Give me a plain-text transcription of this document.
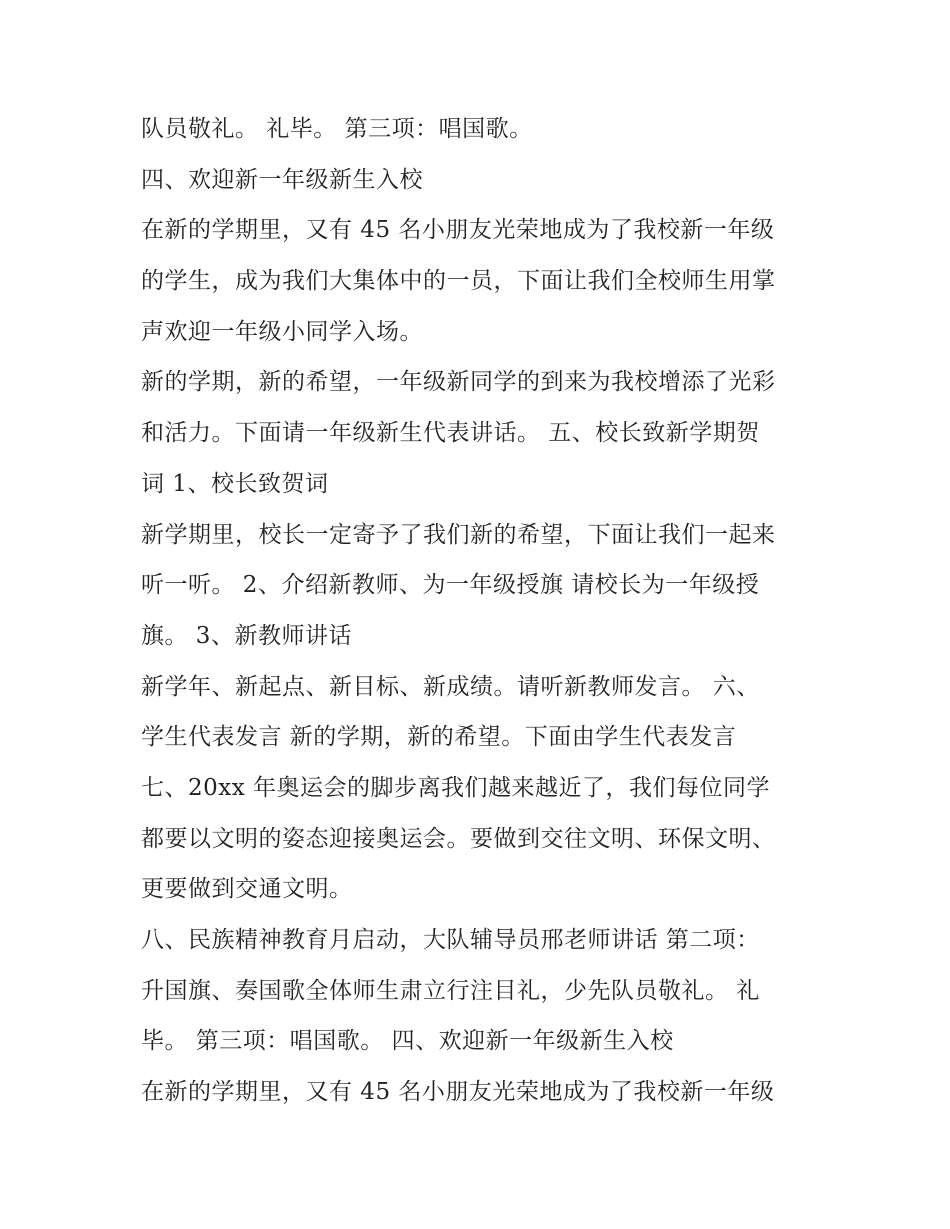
队员敬礼。 礼毕。 第三项：唱国歌。
四、欢迎新一年级新生入校
在新的学期里，又有 45 名小朋友光荣地成为了我校新一年级
的学生，成为我们大集体中的一员，下面让我们全校师生用掌
声欢迎一年级小同学入场。
新的学期，新的希望，一年级新同学的到来为我校增添了光彩
和活力。下面请一年级新生代表讲话。 五、校长致新学期贺
词 1、校长致贺词
新学期里，校长一定寄予了我们新的希望，下面让我们一起来
听一听。 2、介绍新教师、为一年级授旗 请校长为一年级授
旗。 3、新教师讲话
新学年、新起点、新目标、新成绩。请听新教师发言。 六、
学生代表发言 新的学期，新的希望。下面由学生代表发言
七、20xx 年奥运会的脚步离我们越来越近了，我们每位同学
都要以文明的姿态迎接奥运会。要做到交往文明、环保文明、
更要做到交通文明。
八、民族精神教育月启动，大队辅导员邢老师讲话 第二项：
升国旗、奏国歌全体师生肃立行注目礼，少先队员敬礼。 礼
毕。 第三项：唱国歌。 四、欢迎新一年级新生入校
在新的学期里，又有 45 名小朋友光荣地成为了我校新一年级
